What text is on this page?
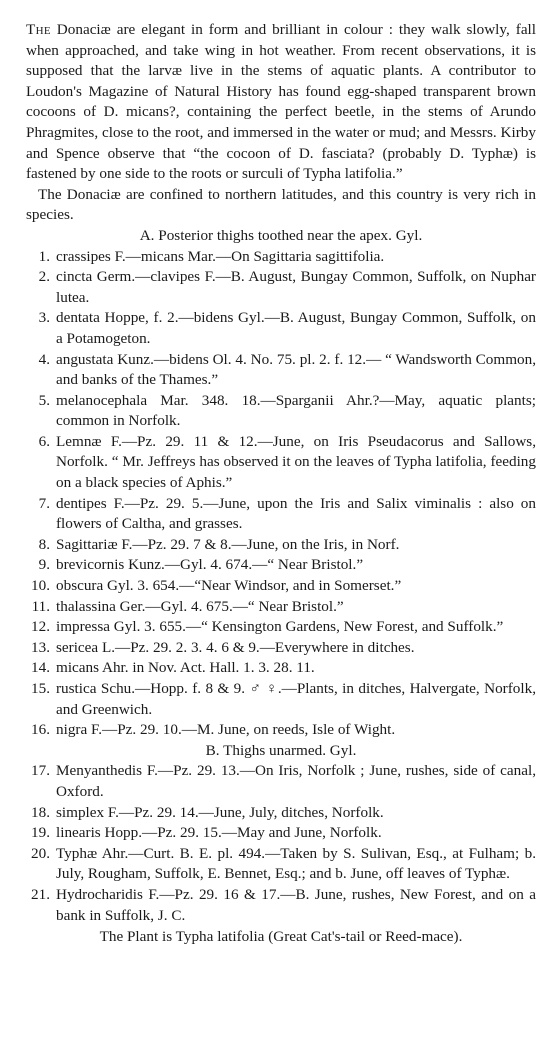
The Donaciæ are elegant in form and brilliant in colour : they walk slowly, fall when approached, and take wing in hot weather. From recent observations, it is supposed that the larvæ live in the stems of aquatic plants. A contributor to Loudon's Magazine of Natural History has found egg-shaped transparent brown cocoons of D. micans?, containing the perfect beetle, in the stems of Arundo Phragmites, close to the root, and immersed in the water or mud; and Messrs. Kirby and Spence observe that “the cocoon of D. fasciata? (probably D. Typhæ) is fastened by one side to the roots or surculi of Typha latifolia.”

The Donaciæ are confined to northern latitudes, and this country is very rich in species.

A. Posterior thighs toothed near the apex. Gyl.

1. crassipes F.—micans Mar.—On Sagittaria sagittifolia.
2. cincta Germ.—clavipes F.—B. August, Bungay Common, Suffolk, on Nuphar lutea.
3. dentata Hoppe, f. 2.—bidens Gyl.—B. August, Bungay Common, Suffolk, on a Potamogeton.
4. angustata Kunz.—bidens Ol. 4. No. 75. pl. 2. f. 12.— “ Wandsworth Common, and banks of the Thames.”
5. melanocephala Mar. 348. 18.—Sparganii Ahr.?—May, aquatic plants; common in Norfolk.
6. Lemnæ F.—Pz. 29. 11 & 12.—June, on Iris Pseudacorus and Sallows, Norfolk. “ Mr. Jeffreys has observed it on the leaves of Typha latifolia, feeding on a black species of Aphis.”
7. dentipes F.—Pz. 29. 5.—June, upon the Iris and Salix viminalis : also on flowers of Caltha, and grasses.
8. Sagittariæ F.—Pz. 29. 7 & 8.—June, on the Iris, in Norf.
9. brevicornis Kunz.—Gyl. 4. 674.—“ Near Bristol.”
10. obscura Gyl. 3. 654.—“Near Windsor, and in Somerset.”
11. thalassina Ger.—Gyl. 4. 675.—“ Near Bristol.”
12. impressa Gyl. 3. 655.—“ Kensington Gardens, New Forest, and Suffolk.”
13. sericea L.—Pz. 29. 2. 3. 4. 6 & 9.—Everywhere in ditches.
14. micans Ahr. in Nov. Act. Hall. 1. 3. 28. 11.
15. rustica Schu.—Hopp. f. 8 & 9. ♂ ♀.—Plants, in ditches, Halvergate, Norfolk, and Greenwich.
16. nigra F.—Pz. 29. 10.—M. June, on reeds, Isle of Wight.

B. Thighs unarmed. Gyl.

17. Menyanthedis F.—Pz. 29. 13.—On Iris, Norfolk ; June, rushes, side of canal, Oxford.
18. simplex F.—Pz. 29. 14.—June, July, ditches, Norfolk.
19. linearis Hopp.—Pz. 29. 15.—May and June, Norfolk.
20. Typhæ Ahr.—Curt. B. E. pl. 494.—Taken by S. Sulivan, Esq., at Fulham; b. July, Rougham, Suffolk, E. Bennet, Esq.; and b. June, off leaves of Typhæ.
21. Hydrocharidis F.—Pz. 29. 16 & 17.—B. June, rushes, New Forest, and on a bank in Suffolk, J. C.

The Plant is Typha latifolia (Great Cat's-tail or Reed-mace).
